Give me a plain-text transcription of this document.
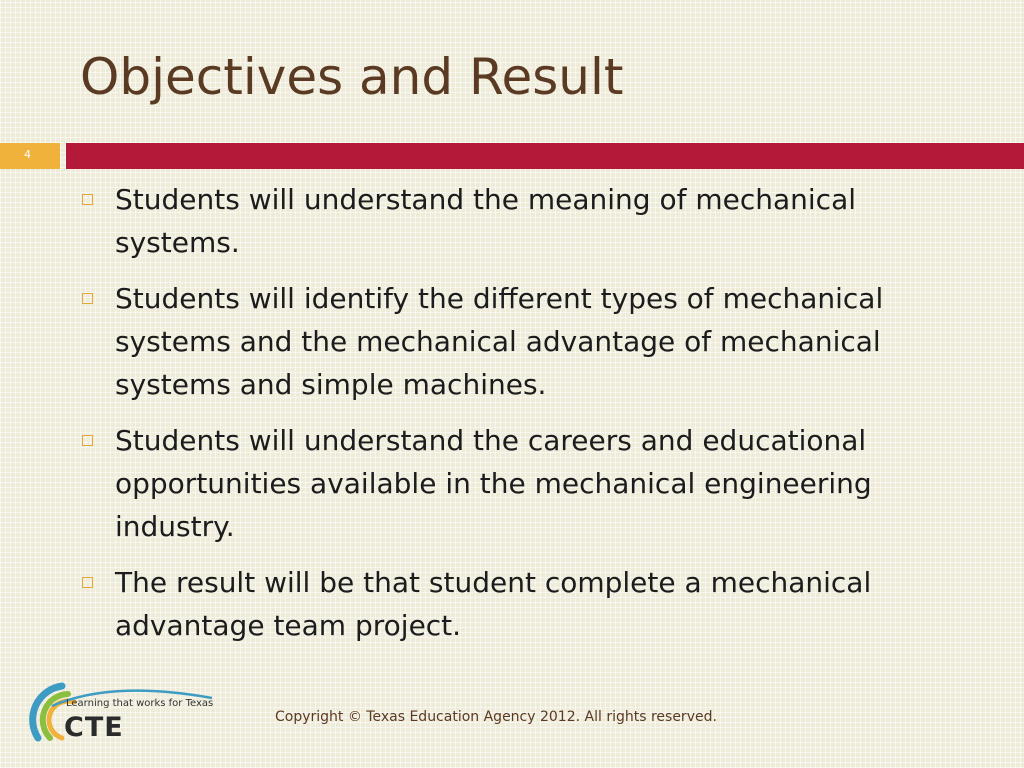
Objectives and Result
4
Students will understand the meaning of mechanical systems.
Students will identify the different types of mechanical systems and the mechanical advantage of mechanical systems and simple machines.
Students will understand the careers and educational opportunities available in the mechanical engineering industry.
The result will be that student complete a mechanical advantage team project.
Learning that works for Texas
CTE	Copyright © Texas Education Agency 2012. All rights reserved.
